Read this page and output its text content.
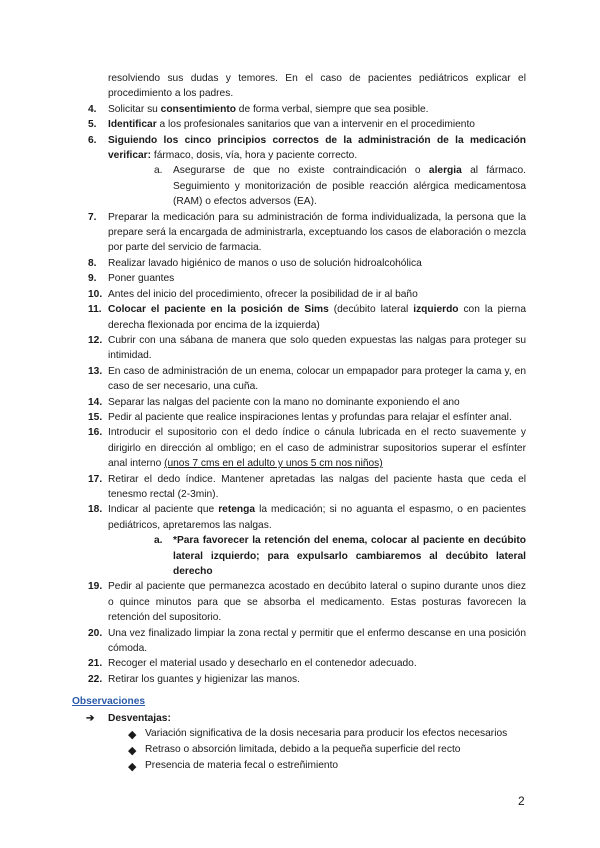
resolviendo sus dudas y temores. En el caso de pacientes pediátricos explicar el procedimiento a los padres.
4.	Solicitar su consentimiento de forma verbal, siempre que sea posible.
5.	Identificar a los profesionales sanitarios que van a intervenir en el procedimiento
6.	Siguiendo los cinco principios correctos de la administración de la medicación verificar: fármaco, dosis, vía, hora y paciente correcto.
a. Asegurarse de que no existe contraindicación o alergia al fármaco. Seguimiento y monitorización de posible reacción alérgica medicamentosa (RAM) o efectos adversos (EA).
7.	Preparar la medicación para su administración de forma individualizada, la persona que la prepare será la encargada de administrarla, exceptuando los casos de elaboración o mezcla por parte del servicio de farmacia.
8.	Realizar lavado higiénico de manos o uso de solución hidroalcohólica
9.	Poner guantes
10. Antes del inicio del procedimiento, ofrecer la posibilidad de ir al baño
11. Colocar el paciente en la posición de Sims (decúbito lateral izquierdo con la pierna derecha flexionada por encima de la izquierda)
12. Cubrir con una sábana de manera que solo queden expuestas las nalgas para proteger su intimidad.
13. En caso de administración de un enema, colocar un empapador para proteger la cama y, en caso de ser necesario, una cuña.
14. Separar las nalgas del paciente con la mano no dominante exponiendo el ano
15. Pedir al paciente que realice inspiraciones lentas y profundas para relajar el esfínter anal.
16. Introducir el supositorio con el dedo índice o cánula lubricada en el recto suavemente y dirigirlo en dirección al ombligo; en el caso de administrar supositorios superar el esfínter anal interno (unos 7 cms en el adulto y unos 5 cm nos niños)
17. Retirar el dedo índice. Mantener apretadas las nalgas del paciente hasta que ceda el tenesmo rectal (2-3min).
18. Indicar al paciente que retenga la medicación; si no aguanta el espasmo, o en pacientes pediátricos, apretaremos las nalgas.
a. *Para favorecer la retención del enema, colocar al paciente en decúbito lateral izquierdo; para expulsarlo cambiaremos al decúbito lateral derecho
19. Pedir al paciente que permanezca acostado en decúbito lateral o supino durante unos diez o quince minutos para que se absorba el medicamento. Estas posturas favorecen la retención del supositorio.
20. Una vez finalizado limpiar la zona rectal y permitir que el enfermo descanse en una posición cómoda.
21. Recoger el material usado y desecharlo en el contenedor adecuado.
22. Retirar los guantes y higienizar las manos.
Observaciones
➔ Desventajas:
◆ Variación significativa de la dosis necesaria para producir los efectos necesarios
◆ Retraso o absorción limitada, debido a la pequeña superficie del recto
◆ Presencia de materia fecal o estreñimiento
2
